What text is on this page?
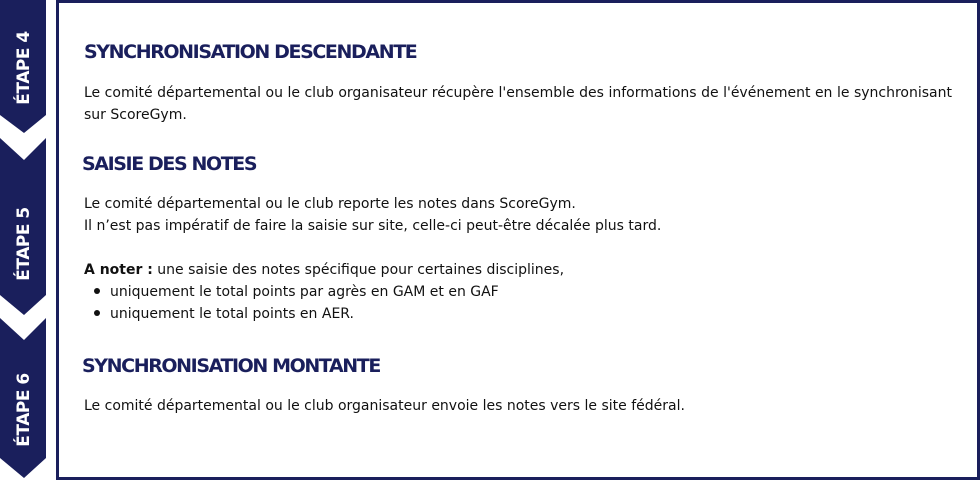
ÉTAPE 4
ÉTAPE 5
ÉTAPE 6
SYNCHRONISATION DESCENDANTE

Le comité départemental ou le club organisateur récupère l'ensemble des informations de l'événement en le synchronisant sur ScoreGym.

SAISIE DES NOTES

Le comité départemental ou le club reporte les notes dans ScoreGym.

Il n’est pas impératif de faire la saisie sur site, celle-ci peut-être décalée plus tard.

A noter : une saisie des notes spécifique pour certaines disciplines,

uniquement le total points par agrès en GAM et en GAF
uniquement le total points en AER.
SYNCHRONISATION MONTANTE

Le comité départemental ou le club organisateur envoie les notes vers le site fédéral.
